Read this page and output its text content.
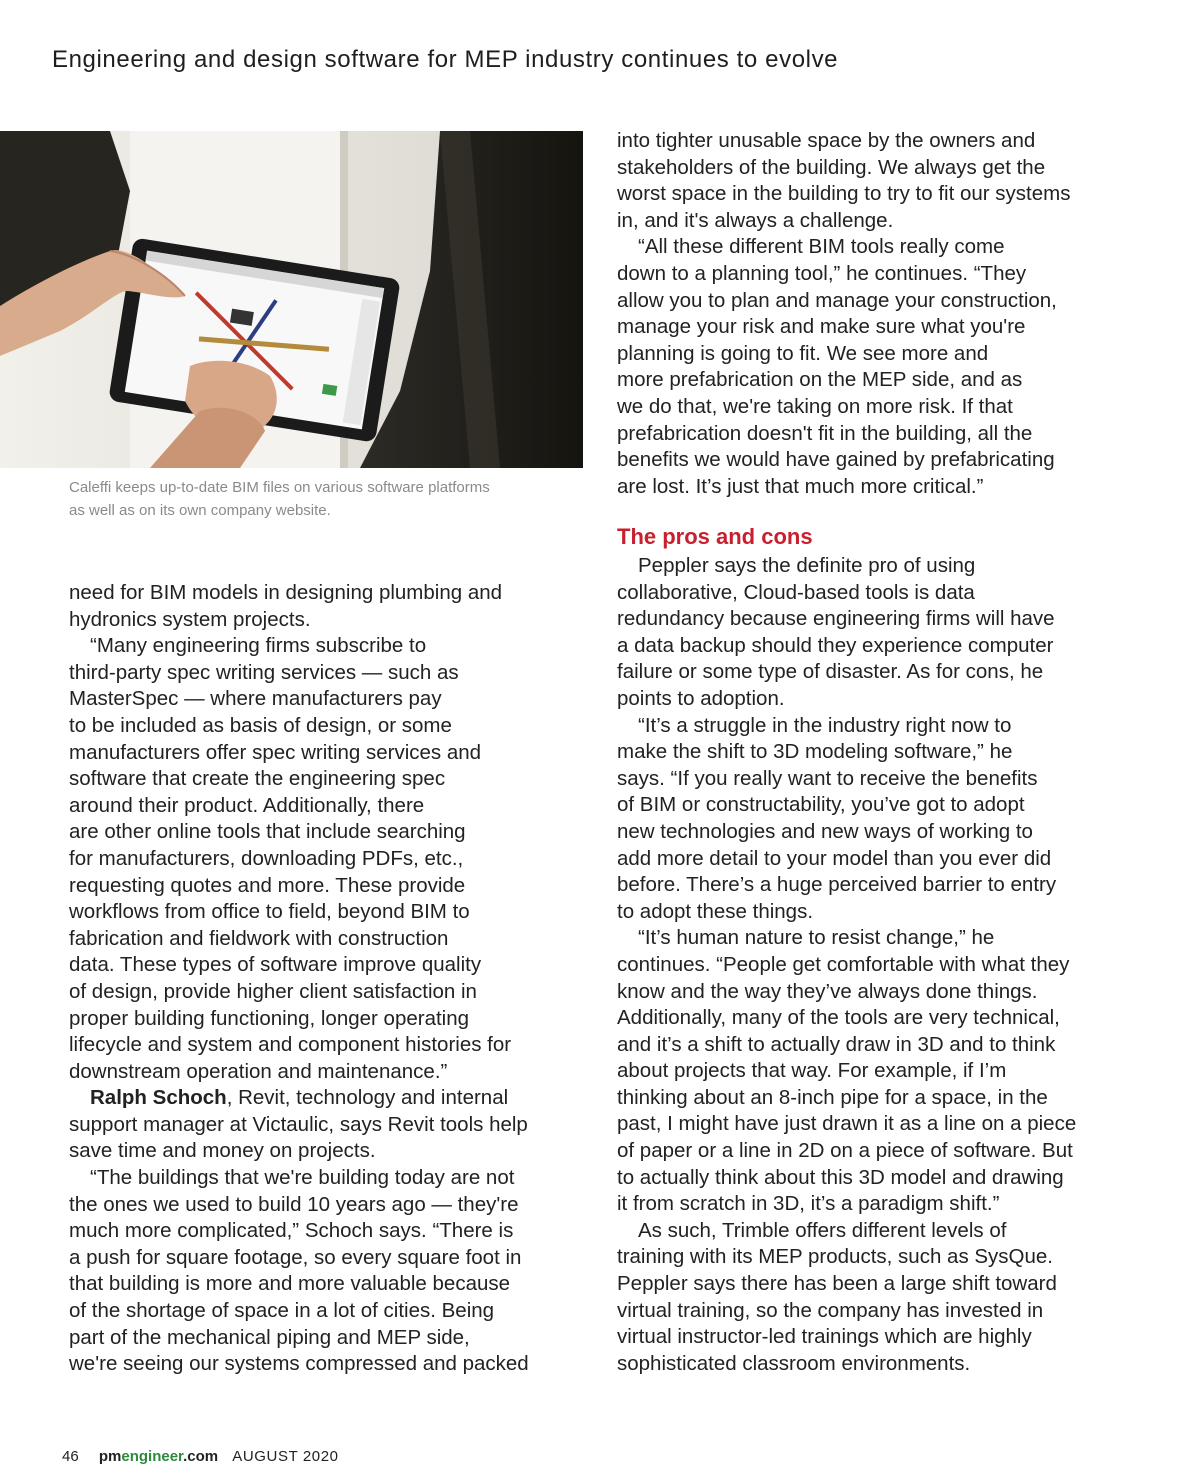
Engineering and design software for MEP industry continues to evolve
Caleffi keeps up-to-date BIM files on various software platforms
as well as on its own company website.

need for BIM models in designing plumbing and
hydronics system projects.

“Many engineering firms subscribe to
third-party spec writing services — such as
MasterSpec — where manufacturers pay
to be included as basis of design, or some
manufacturers offer spec writing services and
software that create the engineering spec
around their product. Additionally, there
are other online tools that include searching
for manufacturers, downloading PDFs, etc.,
requesting quotes and more. These provide
workflows from office to field, beyond BIM to
fabrication and fieldwork with construction
data. These types of software improve quality
of design, provide higher client satisfaction in
proper building functioning, longer operating
lifecycle and system and component histories for
downstream operation and maintenance.”

Ralph Schoch, Revit, technology and internal
support manager at Victaulic, says Revit tools help
save time and money on projects.

“The buildings that we're building today are not
the ones we used to build 10 years ago — they're
much more complicated,” Schoch says. “There is
a push for square footage, so every square foot in
that building is more and more valuable because
of the shortage of space in a lot of cities. Being
part of the mechanical piping and MEP side,
we're seeing our systems compressed and packed

into tighter unusable space by the owners and
stakeholders of the building. We always get the
worst space in the building to try to fit our systems
in, and it's always a challenge.

“All these different BIM tools really come
down to a planning tool,” he continues. “They
allow you to plan and manage your construction,
manage your risk and make sure what you're
planning is going to fit. We see more and
more prefabrication on the MEP side, and as
we do that, we're taking on more risk. If that
prefabrication doesn't fit in the building, all the
benefits we would have gained by prefabricating
are lost. It’s just that much more critical.”

The pros and cons

Peppler says the definite pro of using
collaborative, Cloud-based tools is data
redundancy because engineering firms will have
a data backup should they experience computer
failure or some type of disaster. As for cons, he
points to adoption.

“It’s a struggle in the industry right now to
make the shift to 3D modeling software,” he
says. “If you really want to receive the benefits
of BIM or constructability, you’ve got to adopt
new technologies and new ways of working to
add more detail to your model than you ever did
before. There’s a huge perceived barrier to entry
to adopt these things.

“It’s human nature to resist change,” he
continues. “People get comfortable with what they
know and the way they’ve always done things.
Additionally, many of the tools are very technical,
and it’s a shift to actually draw in 3D and to think
about projects that way. For example, if I’m
thinking about an 8-inch pipe for a space, in the
past, I might have just drawn it as a line on a piece
of paper or a line in 2D on a piece of software. But
to actually think about this 3D model and drawing
it from scratch in 3D, it’s a paradigm shift.”

As such, Trimble offers different levels of
training with its MEP products, such as SysQue.
Peppler says there has been a large shift toward
virtual training, so the company has invested in
virtual instructor-led trainings which are highly
sophisticated classroom environments.

46 pmengineer.com AUGUST 2020
